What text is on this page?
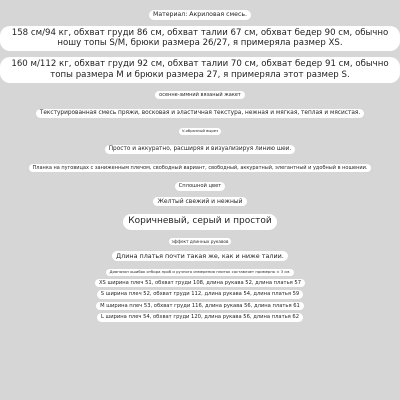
Материал: Акриловая смесь.
158 см/94 кг, обхват груди 86 см, обхват талии 67 см, обхват бедер 90 см, обычно ношу топы S/M, брюки размера 26/27, я примеряла размер XS.
160 м/112 кг, обхват груди 92 см, обхват талии 70 см, обхват бедер 91 см, обычно топы размера M и брюки размера 27, я примеряла этот размер S.
осенне-зимний вязаный жакет
Текстурированная смесь пряжи, восковая и эластичная текстура, нежная и мягкая, теплая и мясистая.
V-образный вырез
Просто и аккуратно, расширяя и визуализируя линию шеи.
Планка на пуговицах с заниженным плечом, свободный вариант, свободный, аккуратный, элегантный и удобный в ношении.
Сплошной цвет
Желтый свежий и нежный
Коричневый, серый и простой
эффект длинных рукавов
Длина платья почти такая же, как и ниже талии.
Диапазон ошибок отбора проб и ручного измерения плиток составляет примерно ± 3 см.
XS ширина плеч 51, обхват груди 108, длина рукава 52, длина платья 57
S ширина плеч 52, обхват груди 112, длина рукава 54, длина платья 59
M ширина плеч 53, обхват груди 116, длина рукава 56, длина платья 61
L ширина плеч 54, обхват груди 120, длина рукава 56, длина платья 62
